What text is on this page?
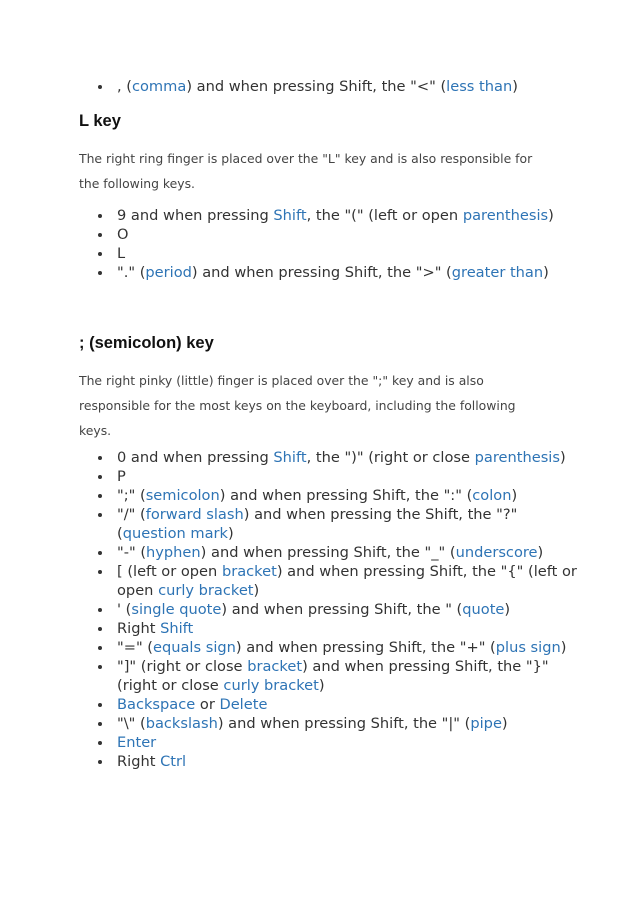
, (comma) and when pressing Shift, the "<" (less than)
L key

The right ring finger is placed over the "L" key and is also responsible for the following keys.

9 and when pressing Shift, the "(" (left or open parenthesis)
O
L
"." (period) and when pressing Shift, the ">" (greater than)
; (semicolon) key

The right pinky (little) finger is placed over the ";" key and is also responsible for the most keys on the keyboard, including the following keys.

0 and when pressing Shift, the ")" (right or close parenthesis)
P
";" (semicolon) and when pressing Shift, the ":" (colon)
"/" (forward slash) and when pressing the Shift, the "?" (question mark)
"-" (hyphen) and when pressing Shift, the "_" (underscore)
[ (left or open bracket) and when pressing Shift, the "{" (left or open curly bracket)
' (single quote) and when pressing Shift, the " (quote)
Right Shift
"=" (equals sign) and when pressing Shift, the "+" (plus sign)
"]" (right or close bracket) and when pressing Shift, the "}" (right or close curly bracket)
Backspace or Delete
"\" (backslash) and when pressing Shift, the "|" (pipe)
Enter
Right Ctrl
